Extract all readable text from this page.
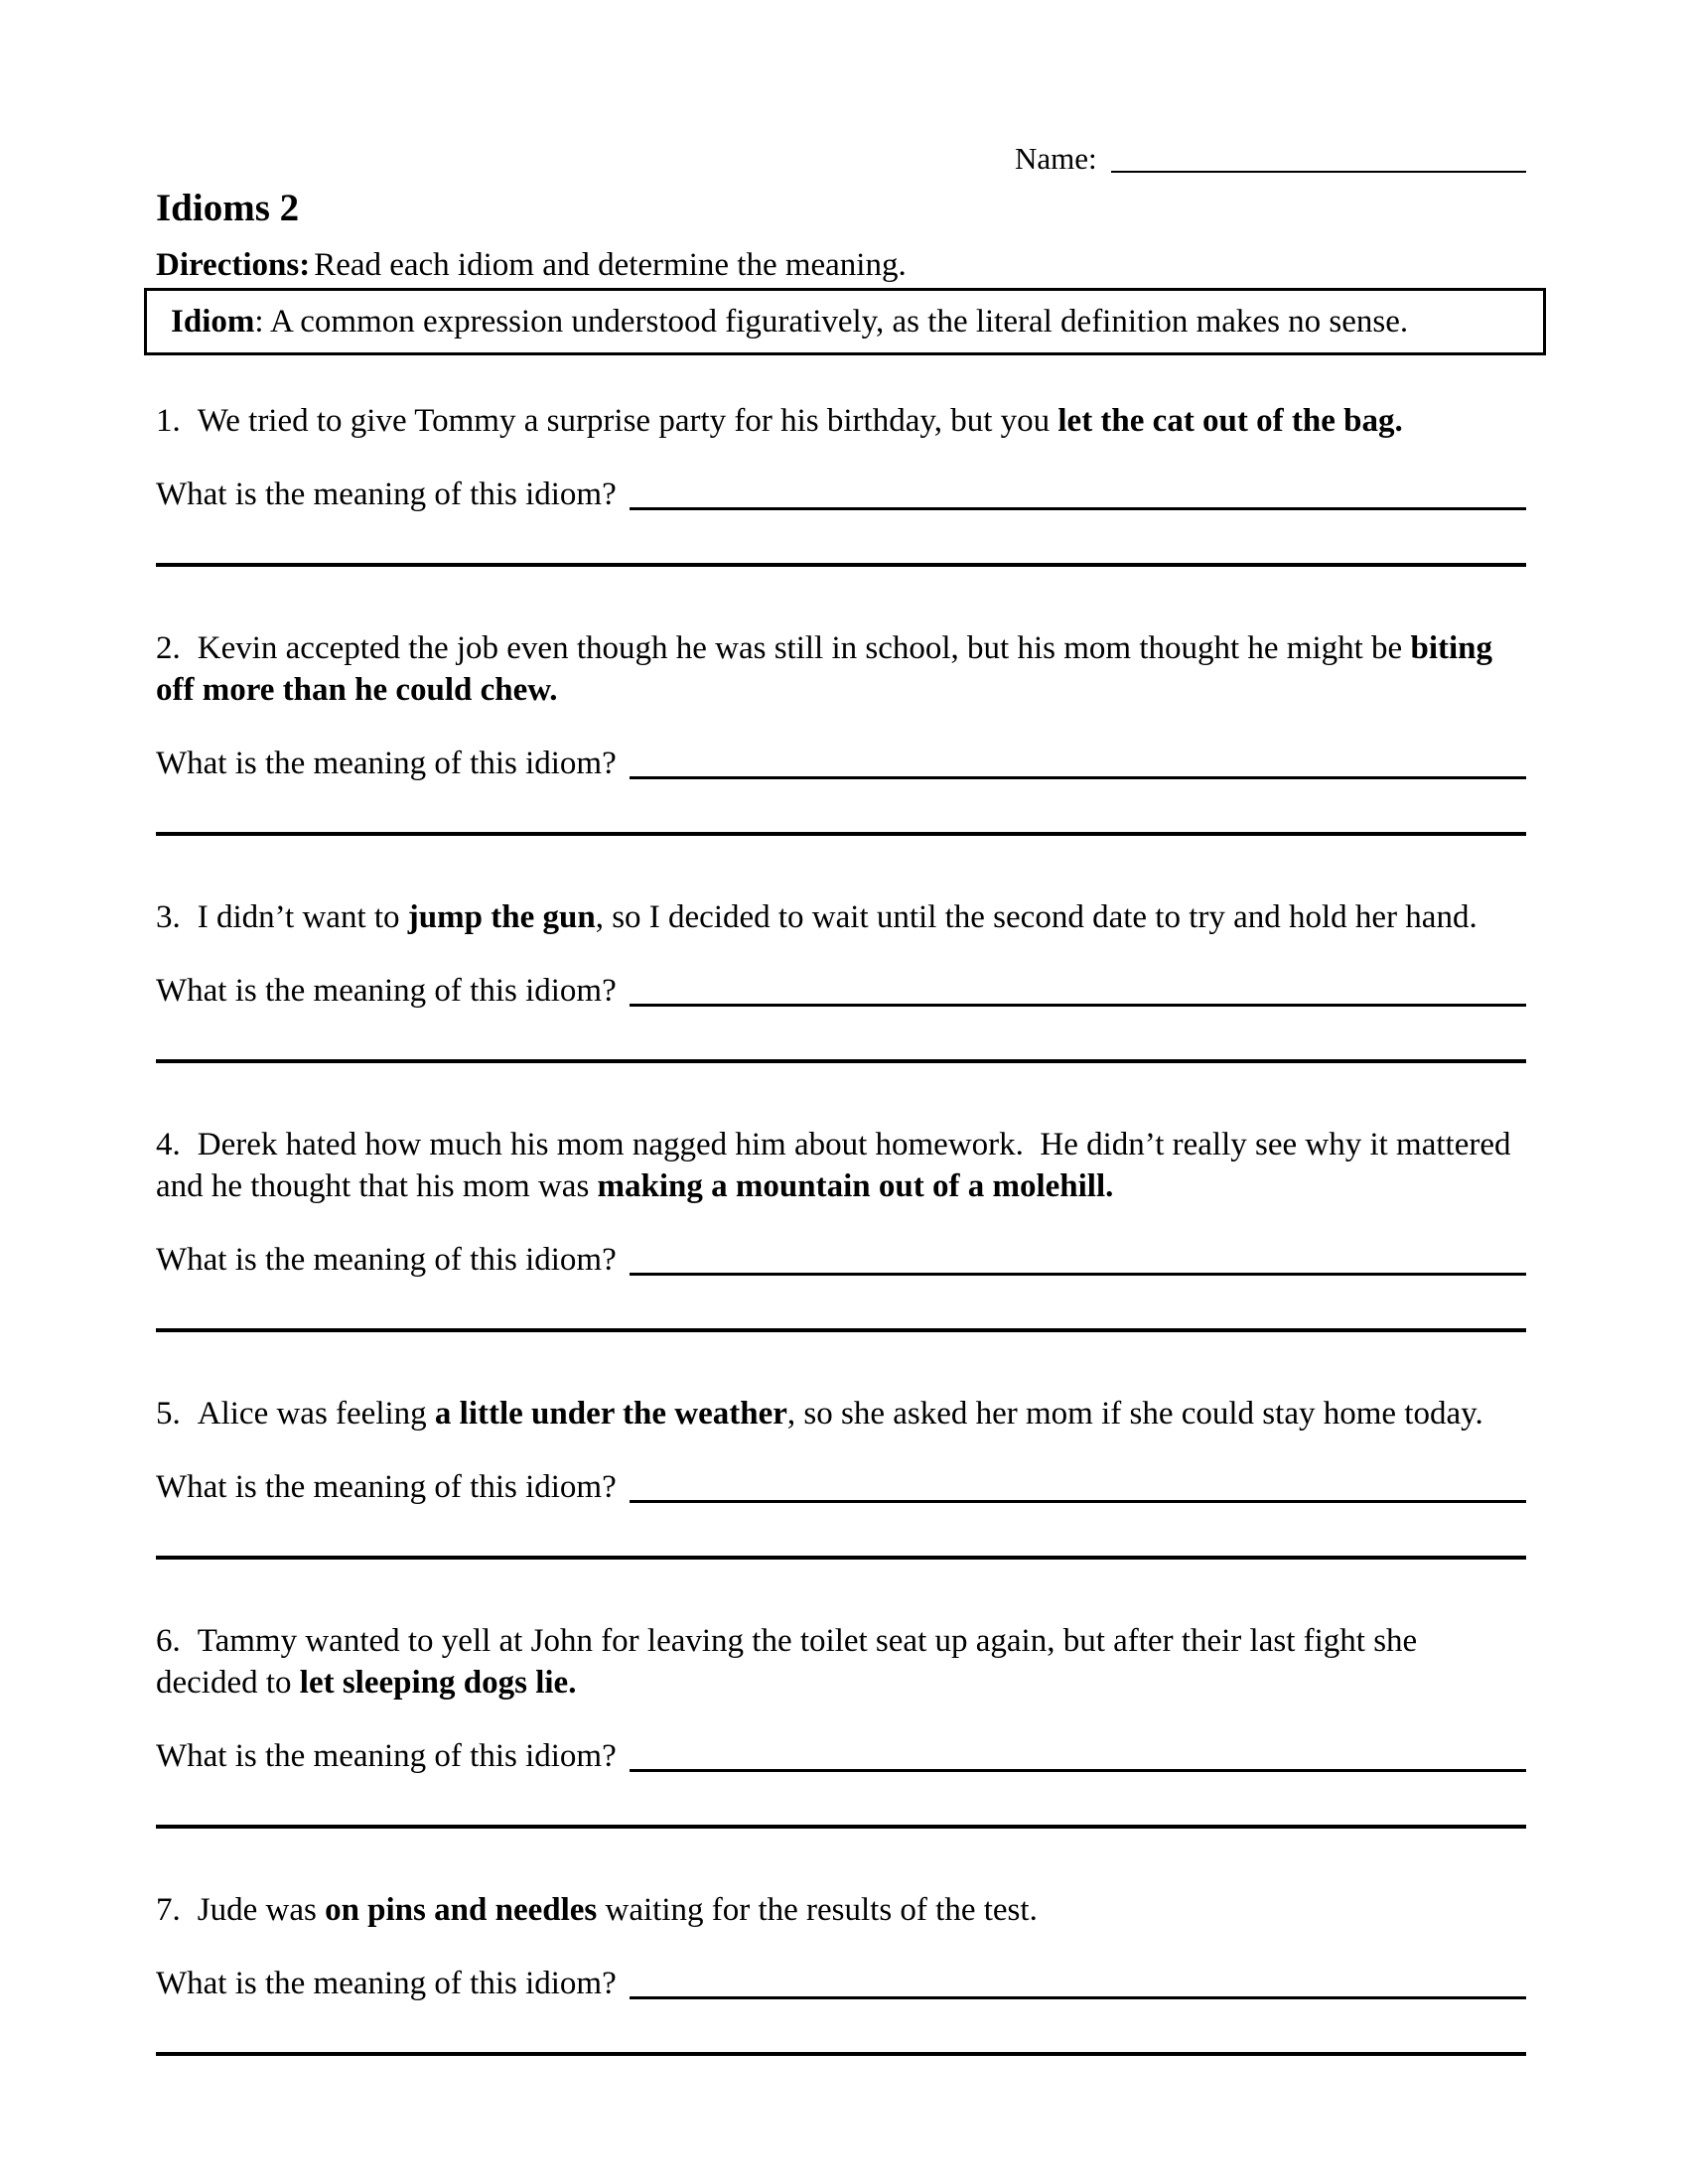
Name:
Idioms 2

Directions: Read each idiom and determine the meaning.

Idiom: A common expression understood figuratively, as the literal definition makes no sense.

1. We tried to give Tommy a surprise party for his birthday, but you let the cat out of the bag.

What is the meaning of this idiom?

2. Kevin accepted the job even though he was still in school, but his mom thought he might be biting off more than he could chew.

What is the meaning of this idiom?

3. I didn’t want to jump the gun, so I decided to wait until the second date to try and hold her hand.

What is the meaning of this idiom?

4. Derek hated how much his mom nagged him about homework.  He didn’t really see why it mattered and he thought that his mom was making a mountain out of a molehill.

What is the meaning of this idiom?

5. Alice was feeling a little under the weather, so she asked her mom if she could stay home today.

What is the meaning of this idiom?

6. Tammy wanted to yell at John for leaving the toilet seat up again, but after their last fight she decided to let sleeping dogs lie.

What is the meaning of this idiom?

7. Jude was on pins and needles waiting for the results of the test.

What is the meaning of this idiom?
